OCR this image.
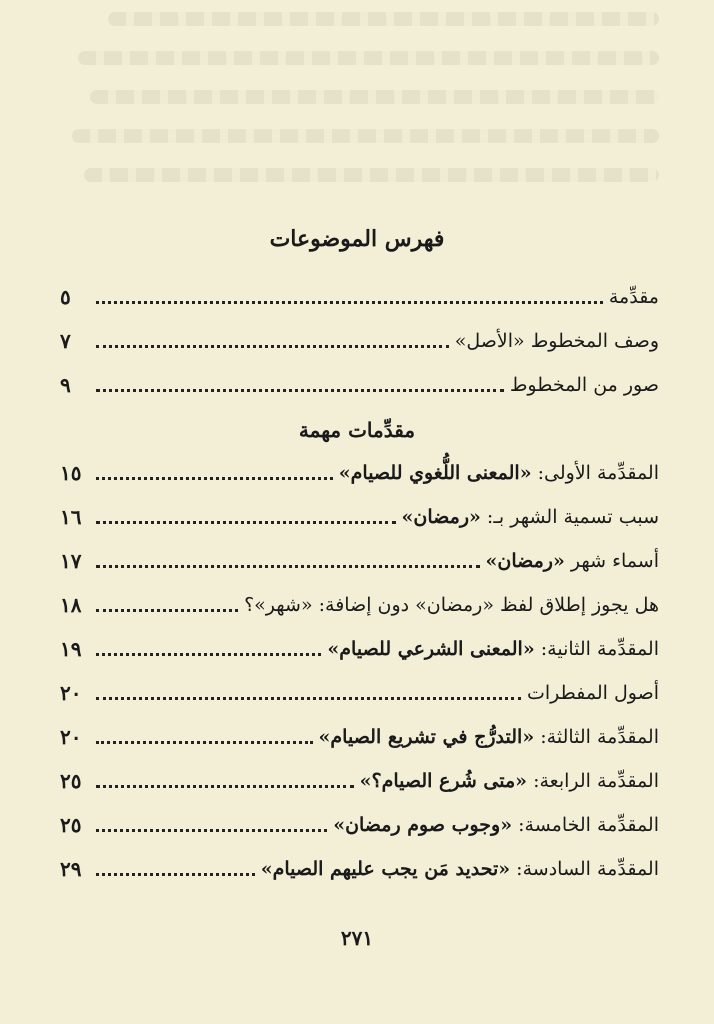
فهرس الموضوعات
مقدِّمة
٥
وصف المخطوط «الأصل»
٧
صور من المخطوط
٩
المقدِّمة الأولى: «المعنى اللُّغوي للصيام»
١٥
سبب تسمية الشهر بـ: «رمضان»
١٦
أسماء شهر «رمضان»
١٧
هل يجوز إطلاق لفظ «رمضان» دون إضافة: «شهر»؟
١٨
المقدِّمة الثانية: «المعنى الشرعي للصيام»
١٩
أصول المفطرات
٢٠
المقدِّمة الثالثة: «التدرُّج في تشريع الصيام»
٢٠
المقدِّمة الرابعة: «متى شُرع الصيام؟»
٢٥
المقدِّمة الخامسة: «وجوب صوم رمضان»
٢٥
المقدِّمة السادسة: «تحديد مَن يجب عليهم الصيام»
٢٩
مقدِّمات مهمة
٢٧١
